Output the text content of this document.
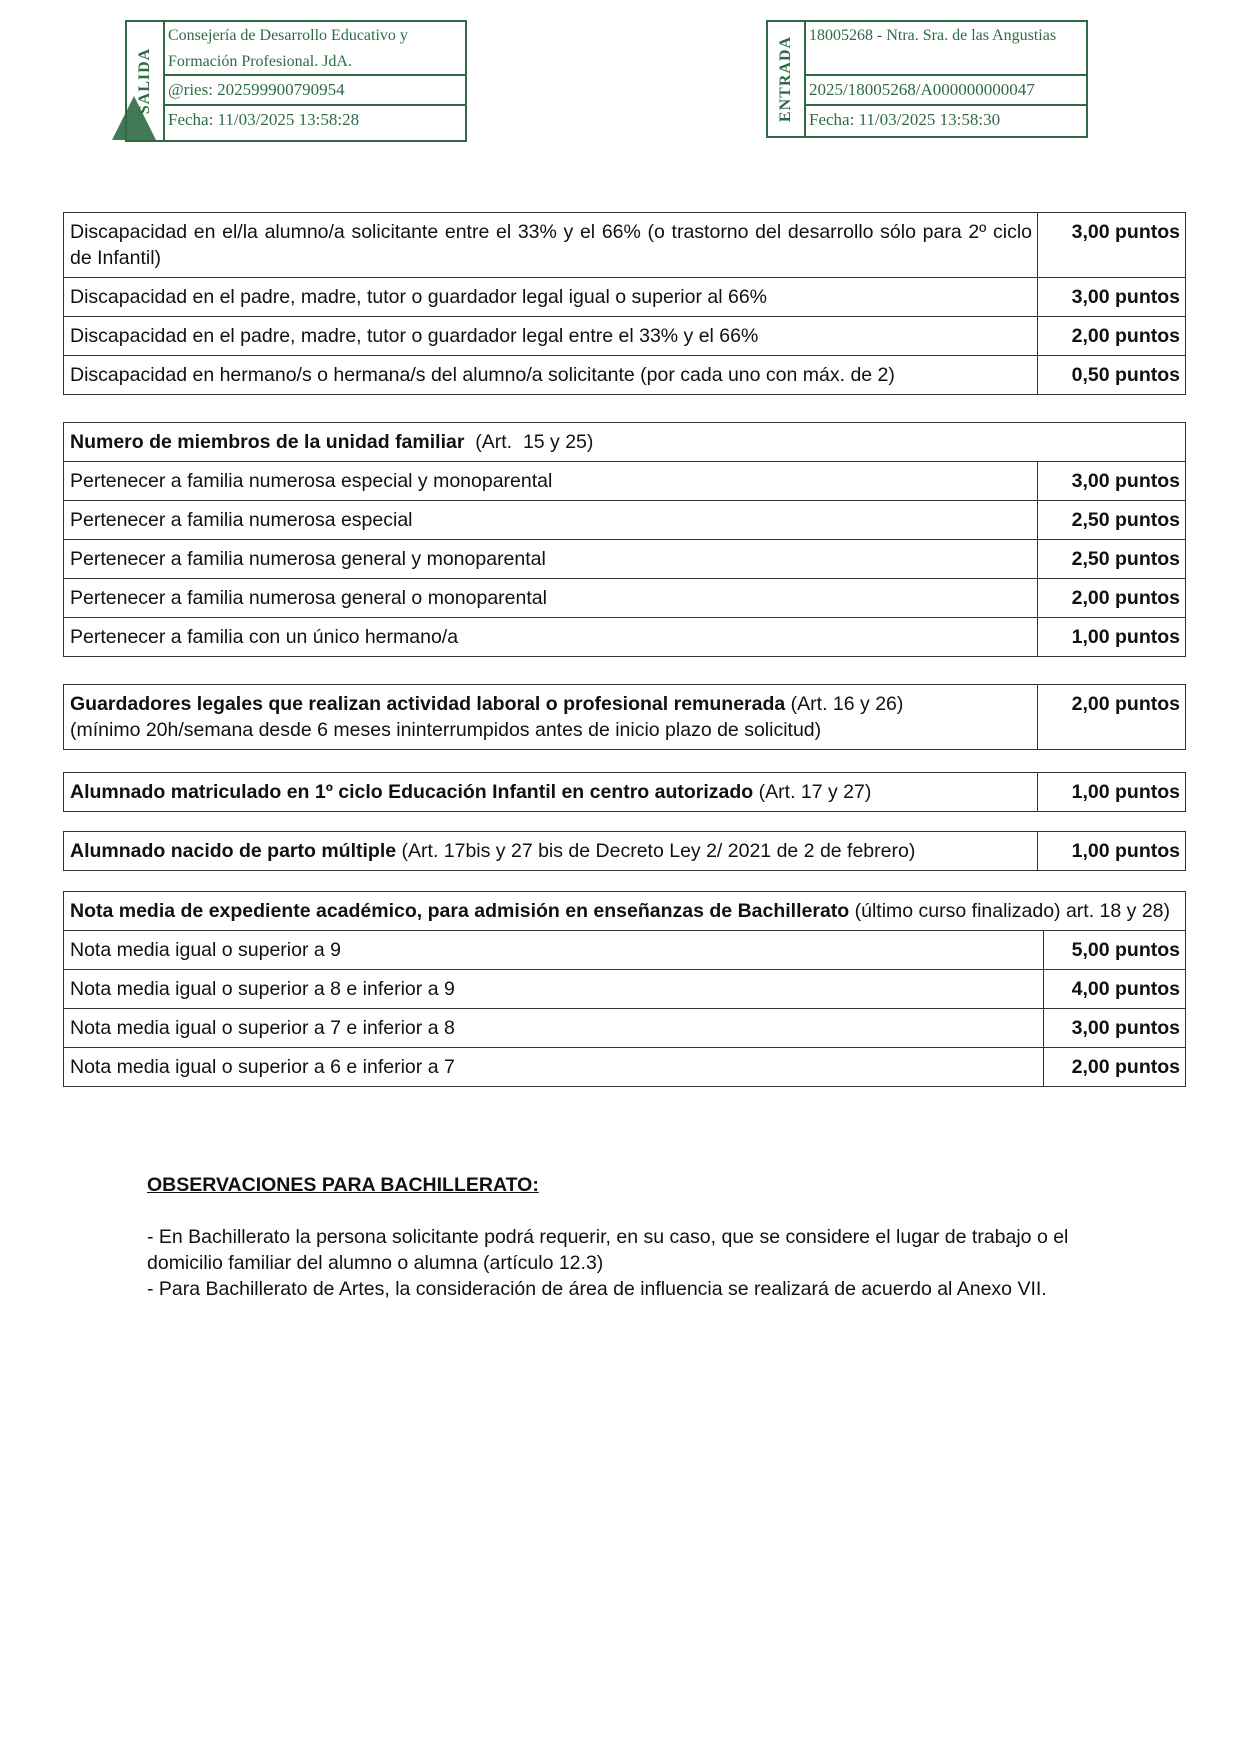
SALIDA
Consejería de Desarrollo Educativo y Formación Profesional. JdA.
@ries: 202599900790954
Fecha: 11/03/2025 13:58:28	ENTRADA
18005268 - Ntra. Sra. de las Angustias
2025/18005268/A000000000047
Fecha: 11/03/2025 13:58:30
Discapacidad en el/la alumno/a solicitante entre el 33% y el 66% (o trastorno del desarrollo sólo para 2º ciclo de Infantil)	3,00 puntos
Discapacidad en el padre, madre, tutor o guardador legal igual o superior al 66%	3,00 puntos
Discapacidad en el padre, madre, tutor o guardador legal entre el 33% y el 66%	2,00 puntos
Discapacidad en hermano/s o hermana/s del alumno/a solicitante (por cada uno con máx. de 2)	0,50 puntos
Numero de miembros de la unidad familiar  (Art.  15 y 25)	
Pertenecer a familia numerosa especial y monoparental	3,00 puntos
Pertenecer a familia numerosa especial	2,50 puntos
Pertenecer a familia numerosa general y monoparental	2,50 puntos
Pertenecer a familia numerosa general o monoparental	2,00 puntos
Pertenecer a familia con un único hermano/a	1,00 puntos
Guardadores legales que realizan actividad laboral o profesional remunerada (Art. 16 y 26)
(mínimo 20h/semana desde 6 meses ininterrumpidos antes de inicio plazo de solicitud)	2,00 puntos
Alumnado matriculado en 1º ciclo Educación Infantil en centro autorizado (Art. 17 y 27)	1,00 puntos
Alumnado nacido de parto múltiple (Art. 17bis y 27 bis de Decreto Ley 2/ 2021 de 2 de febrero)	1,00 puntos
Nota media de expediente académico, para admisión en enseñanzas de Bachillerato (último curso finalizado) art. 18 y 28)	
Nota media igual o superior a 9	5,00 puntos
Nota media igual o superior a 8 e inferior a 9	4,00 puntos
Nota media igual o superior a 7 e inferior a 8	3,00 puntos
Nota media igual o superior a 6 e inferior a 7	2,00 puntos

OBSERVACIONES PARA BACHILLERATO:

- En Bachillerato la persona solicitante podrá requerir, en su caso, que se considere el lugar de trabajo o el domicilio familiar del alumno o alumna (artículo 12.3)

- Para Bachillerato de Artes, la consideración de área de influencia se realizará de acuerdo al Anexo VII.
